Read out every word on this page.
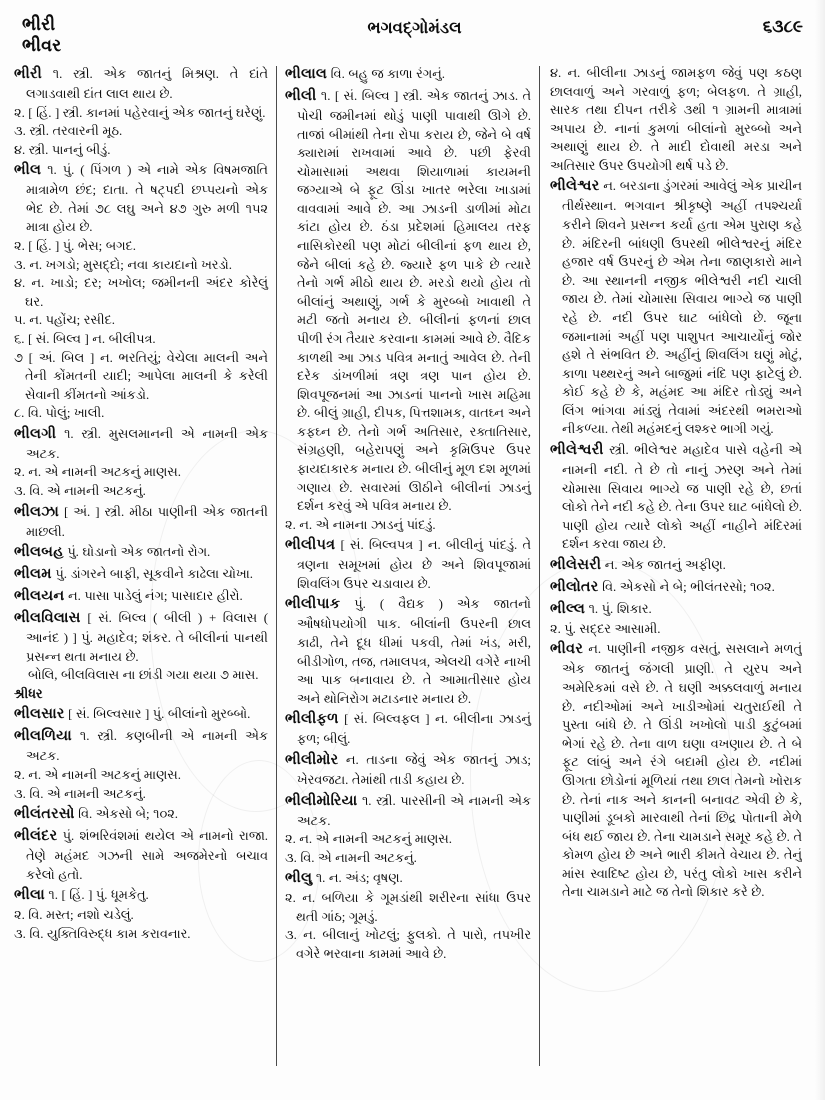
ભીરી
ભીવર
ભગવદ્ગોમંડલ	૬૩૮૯

ભીરી ૧. સ્ત્રી. એક જાતનું મિશ્રણ. તે દાંતે લગાડવાથી દાંત લાલ થાય છે.

૨. [ હિં. ] સ્ત્રી. કાનમાં પહેરવાનું એક જાતનું ઘરેણું.

૩. સ્ત્રી. તરવારની મૂઠ.

૪. સ્ત્રી. પાનનું બીડું.

ભીલ ૧. પું. ( પિંગળ ) એ નામે એક વિષમજાતિ માત્રામેળ છંદ; દાતા. તે ષટ્પદી છપ્પયનો એક ભેદ છે. તેમાં ૭૮ લઘુ અને ૪૭ ગુરુ મળી ૧૫૨ માત્રા હોય છે.

૨. [ હિં. ] પું. ભેસ; બગદ.

૩. ન. ખગડો; મુસદ્દો; નવા કાયદાનો ખરડો.

૪. ન. ખાડો; દર; ખખોલ; જમીનની અંદર કોરેલું ઘર.

૫. ન. પહોંચ; રસીદ.

૬. [ સં. બિલ્વ ] ન. બીલીપત્ર.

૭ [ અં. બિલ ] ન. ભરતિયું; વેચેલા માલની અને તેની કોંમતની યાદી; આપેલા માલની કે કરેલી સેવાની કીંમતનો આંકડો.

૮. વિ. પોલું; ખાલી.

ભીલગી ૧. સ્ત્રી. મુસલમાનની એ નામની એક અટક.

૨. ન. એ નામની અટકનું માણસ.

૩. વિ. એ નામની અટકનું.

ભીલઝા [ અં. ] સ્ત્રી. મીઠા પાણીની એક જાતની માછલી.

ભીલબહ પું. ઘોડાનો એક જાતનો રોગ.

ભીલમ પું. ડાંગરને બાફી, સૂકવીને કાઢેલા ચોખા.

ભીલયન ન. પાસા પાડેલું નંગ; પાસાદાર હીરો.

ભીલવિલાસ [ સં. બિલ્વ ( બીલી ) + વિલાસ ( આનંદ ) ] પું. મહાદેવ; શંકર. તે બીલીનાં પાનથી પ્રસન્ન થતા મનાય છે.

બોલિ, બીલવિલાસ ના છાંડી ગયા થયા ૭ માસ.

શ્રીધર

ભીલસાર [ સં. બિલ્વસાર ] પું. બીલાંનો મુરબ્બો.

ભીલળિયા ૧. સ્ત્રી. કણબીની એ નામની એક અટક.

૨. ન. એ નામની અટકનું માણસ.

૩. વિ. એ નામની અટકનું.

ભીલંતરસો વિ. એકસો બે; ૧૦૨.

ભીલંદર પું. શંભરિવંશમાં થયેલ એ નામનો રાજા. તેણે મહંમદ ગઝની સામે અજમેરનો બચાવ કરેલો હતો.

ભીલા ૧. [ હિં. ] પું. ધૂમકેતુ.

૨. વિ. મસ્ત; નશો ચડેલું.

૩. વિ. યુક્તિવિરુદ્ધ કામ કરાવનાર.

ભીલાલ વિ. બહુ જ કાળા રંગનું.

ભીલી ૧. [ સં. બિલ્વ ] સ્ત્રી. એક જાતનું ઝાડ. તે પોચી જમીનમાં થોડું પાણી પાવાથી ઊગે છે. તાજાં બીમાંથી તેના રોપા કરાય છે, જેને બે વર્ષ ક્યારામાં રાખવામાં આવે છે. પછી ફેરવી ચોમાસામાં અથવા શિયાળામાં કાયમની જગ્યાએ બે ફૂટ ઊંડા ખાતર ભરેલા ખાડામાં વાવવામાં આવે છે. આ ઝાડની ડાળીમાં મોટા કાંટા હોય છે. ઠંડા પ્રદેશમાં હિમાલય તરફ નાસિકોરથી પણ મોટાં બીલીનાં ફળ થાય છે, જેને બીલાં કહે છે. જ્યારે ફળ પાકે છે ત્યારે તેનો ગર્ભ મીઠો થાય છે. મરડો થયો હોય તો બીલાંનું અથાણું, ગર્ભ કે મુરબ્બો ખાવાથી તે મટી જતો મનાય છે. બીલીનાં ફળનાં છાલ પીળી રંગ તૈયાર કરવાના કામમાં આવે છે. વૈદિક કાળથી આ ઝાડ પવિત્ર મનાતું આવેલ છે. તેની દરેક ડાંખળીમાં ત્રણ ત્રણ પાન હોય છે. શિવપૂજનમાં આ ઝાડનાં પાનનો ખાસ મહિમા છે. બીલું ગ્રાહી, દીપક, પિત્તશામક, વાતઘ્ન અને કફઘ્ન છે. તેનો ગર્ભ અતિસાર, રક્તાતિસાર, સંગ્રહણી, બહેરાપણું અને કૃમિઉપર ઉપર ફાયદાકારક મનાય છે. બીલીનું મૂળ દશ મૂળમાં ગણાય છે. સવારમાં ઊઠીને બીલીનાં ઝાડનું દર્શન કરવું એ પવિત્ર મનાય છે.

૨. ન. એ નામના ઝાડનું પાંદડું.

ભીલીપત્ર [ સં. બિલ્વપત્ર ] ન. બીલીનું પાંદડું. તે ત્રણના સમૂખમાં હોય છે અને શિવપૂજામાં શિવલિંગ ઉપર ચડાવાય છે.

ભીલીપાક પું. ( વૈદ્યક ) એક જાતનો ઔષધોપયોગી પાક. બીલાંની ઉપરની છાલ કાઢી, તેને દૂધ ધીમાં પકવી, તેમાં ખંડ, મરી, બીડીગોળ, તજ, તમાલપત્ર, એલચી વગેરે નાખી આ પાક બનાવાય છે. તે આમાતીસાર હોય અને થોનિરોગ મટાડનાર મનાય છે.

ભીલીફળ [ સં. બિલ્વફલ ] ન. બીલીના ઝાડનું ફળ; બીલું.

ભીલીમોર ન. તાડના જેવું એક જાતનું ઝાડ; ખેરવજટા. તેમાંથી તાડી કહાય છે.

ભીલીમોરિયા ૧. સ્ત્રી. પારસીની એ નામની એક અટક.

૨. ન. એ નામની અટકનું માણસ.

૩. વિ. એ નામની અટકનું.

ભીલુ ૧. ન. અંડ; વૃષણ.

૨. ન. બળિયા કે ગૂમડાંથી શરીરના સાંધા ઉપર થતી ગાંઠ; ગૂમડું.

૩. ન. બીલાનું ખોટલું; ફુલકો. તે પારો, તપખીર વગેરે ભરવાના કામમાં આવે છે.

૪. ન. બીલીના ઝાડનું જામફળ જેવું પણ કઠણ છાલવાળું અને ગરવાળું ફળ; બેલફળ. તે ગ્રાહી, સારક તથા દીપન તરીકે ૩થી ૧ ગ્રામની માત્રામાં અપાય છે. નાનાં કુમળાં બીલાંનો મુરબ્બો અને અથાણું થાય છે. તે માદી દોવાથી મરડા અને અતિસાર ઉપર ઉપયોગી થર્ષ પડે છે.

ભીલેશ્વર ન. બરડાના ડુંગરમાં આવેલું એક પ્રાચીન તીર્થસ્થાન. ભગવાન શ્રીકૃષ્ણે અહીં તપશ્ચર્યા કરીને શિવને પ્રસન્ન કર્યા હતા એમ પુરાણ કહે છે. મંદિરની બાંધણી ઉપરથી ભીલેશ્વરનું મંદિર હજાર વર્ષ ઉપરનું છે એમ તેના જાણકારો માને છે. આ સ્થાનની નજીક ભીલેશ્વરી નદી ચાલી જાય છે. તેમાં ચોમાસા સિવાય ભાગ્યે જ પાણી રહે છે. નદી ઉપર ઘાટ બાંધેલો છે. જૂના જમાનામાં અહીં પણ પાશુપત આચાર્યોનું જોર હશે તે સંભવિત છે. અહીંનું શિવલિંગ ઘણું મોટું, કાળા પથ્થરનું અને બાજુમાં નંદિ પણ ફાટેલું છે. કોઈ કહે છે કે, મહંમદ આ મંદિર તોડ્યું અને લિંગ ભાંગવા માંડ્યું તેવામાં અંદરથી ભમરાઓ નીકળ્યા. તેથી મહંમદનું લશ્કર ભાગી ગયું.

ભીલેશ્વરી સ્ત્રી. ભીલેશ્વર મહાદેવ પાસે વહેની એ નામની નદી. તે છે તો નાનું ઝરણ અને તેમાં ચોમાસા સિવાય ભાગ્યે જ પાણી રહે છે, છતાં લોકો તેને નદી કહે છે. તેના ઉપર ઘાટ બાંધેલો છે. પાણી હોય ત્યારે લોકો અહીં નાહીને મંદિરમાં દર્શન કરવા જાય છે.

ભીલેસરી ન. એક જાતનું અફીણ.

ભીલોતર વિ. એકસો ને બે; ભીલંતરસો; ૧૦૨.

ભીલ્લ ૧. પું. શિકાર.

૨. પું. સદ્દર આસામી.

ભીવર ન. પાણીની નજીક વસતું, સસલાને મળતું એક જાતનું જંગલી પ્રાણી. તે યુરપ અને અમેરિકમાં વસે છે. તે ઘણી અક્કલવાળું મનાય છે. નદીઓમાં અને ખાડીઓમાં ચતુરાઈથી તે પુસ્તા બાંધે છે. તે ઊંડી ખખોલો પાડી કુટુંબમાં ભેગાં રહે છે. તેના વાળ ઘણા વખણાય છે. તે બે ફૂટ લાંબું અને રંગે બદામી હોય છે. નદીમાં ઊગતા છોડોનાં મૂળિયાં તથા છાલ તેમનો ખોરાક છે. તેનાં નાક અને કાનની બનાવટ એવી છે કે, પાણીમાં ડૂબકો મારવાથી તેનાં છિદ્ર પોતાની મેળે બંધ થઈ જાય છે. તેના ચામડાને સમૂર કહે છે. તે કોમળ હોય છે અને ભારી કીમતે વેચાય છે. તેનું માંસ સ્વાદિષ્ટ હોય છે, પરંતુ લોકો ખાસ કરીને તેના ચામડાને માટે જ તેનો શિકાર કરે છે.
